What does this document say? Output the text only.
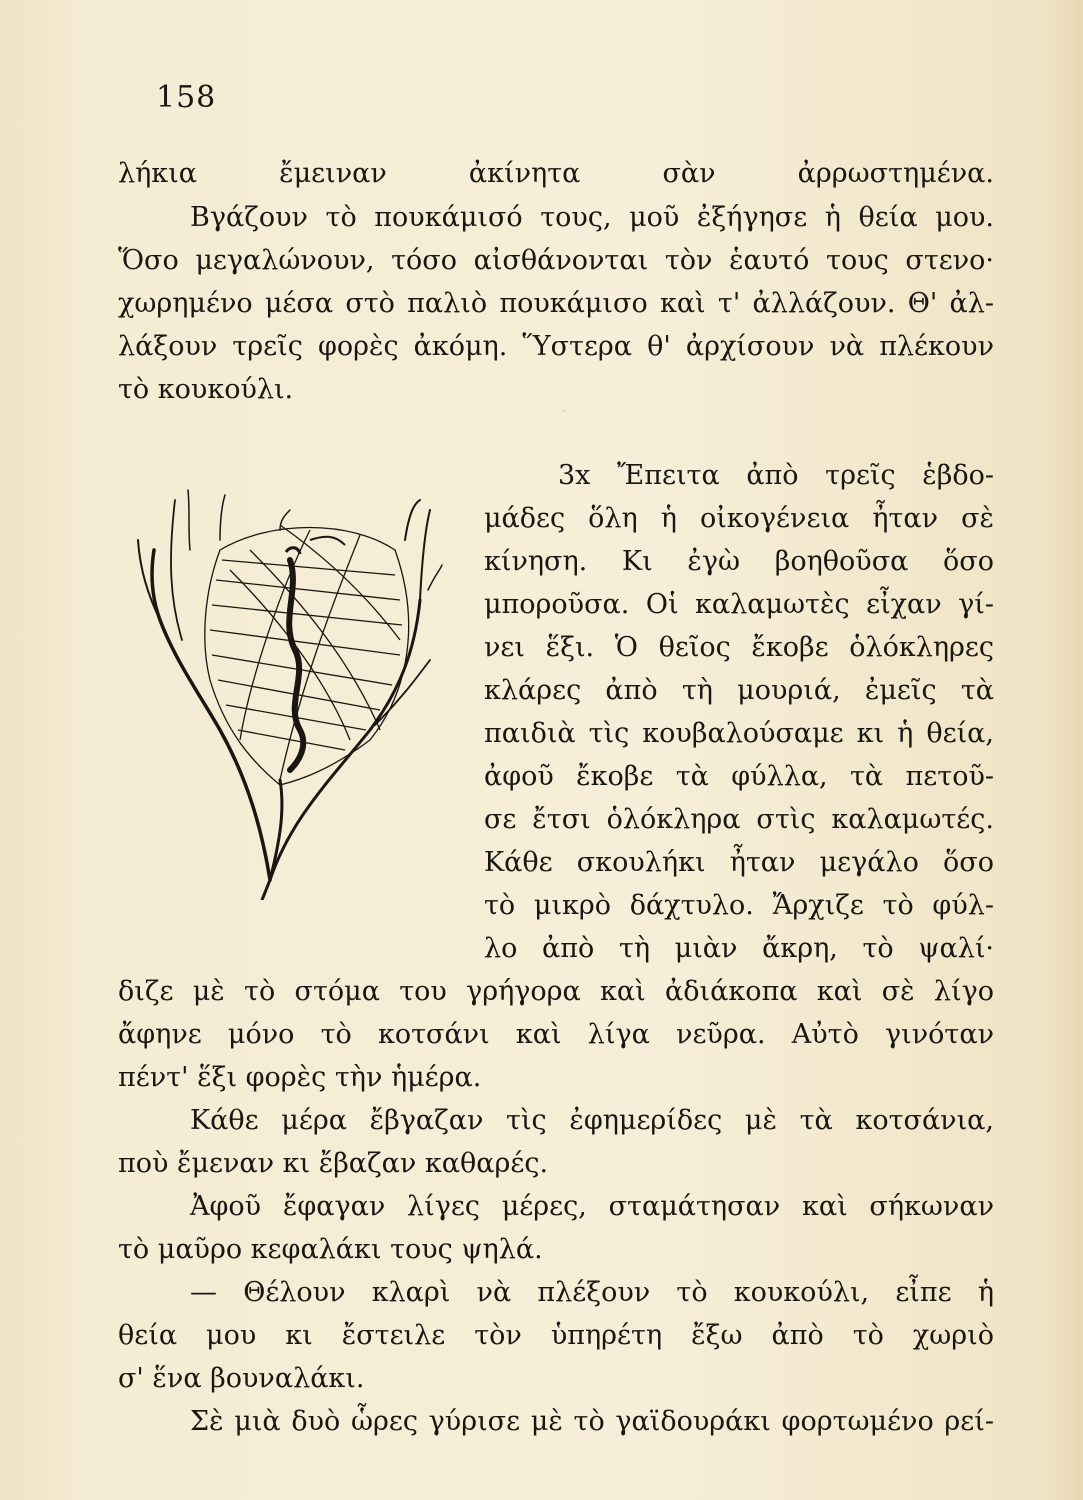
158
λήκια ἔμειναν ἀκίνητα σὰν ἀρρωστημένα.
Βγάζουν τὸ πουκάμισό τους, μοῦ ἐξήγησε ἡ θεία μου.
Ὅσο μεγαλώνουν, τόσο αἰσθάνονται τὸν ἑαυτό τους στενο·
χωρημένο μέσα στὸ παλιὸ πουκάμισο καὶ τ' ἀλλάζουν. Θ' ἀλ-
λάξουν τρεῖς φορὲς ἀκόμη. Ὕστερα θ' ἀρχίσουν νὰ πλέκουν
τὸ κουκούλι.
3x Ἔπειτα ἀπὸ τρεῖς ἑβδο-
μάδες ὅλη ἡ οἰκογένεια ἦταν σὲ
κίνηση. Κι ἐγὼ βοηθοῦσα ὅσο
μποροῦσα. Οἱ καλαμωτὲς εἶχαν γί-
νει ἕξι. Ὁ θεῖος ἔκοβε ὁλόκληρες
κλάρες ἀπὸ τὴ μουριά, ἐμεῖς τὰ
παιδιὰ τὶς κουβαλούσαμε κι ἡ θεία,
ἀφοῦ ἔκοβε τὰ φύλλα, τὰ πετοῦ-
σε ἔτσι ὁλόκληρα στὶς καλαμωτές.
Κάθε σκουλήκι ἦταν μεγάλο ὅσο
τὸ μικρὸ δάχτυλο. Ἄρχιζε τὸ φύλ-
λο ἀπὸ τὴ μιὰν ἄκρη, τὸ ψαλί·
διζε μὲ τὸ στόμα του γρήγορα καὶ ἀδιάκοπα καὶ σὲ λίγο
ἄφηνε μόνο τὸ κοτσάνι καὶ λίγα νεῦρα. Αὐτὸ γινόταν
πέντ' ἕξι φορὲς τὴν ἡμέρα.
Κάθε μέρα ἔβγαζαν τὶς ἐφημερίδες μὲ τὰ κοτσάνια,
ποὺ ἔμεναν κι ἔβαζαν καθαρές.
Ἀφοῦ ἔφαγαν λίγες μέρες, σταμάτησαν καὶ σήκωναν
τὸ μαῦρο κεφαλάκι τους ψηλά.
— Θέλουν κλαρὶ νὰ πλέξουν τὸ κουκούλι, εἶπε ἡ
θεία μου κι ἔστειλε τὸν ὑπηρέτη ἔξω ἀπὸ τὸ χωριὸ
σ' ἕνα βουναλάκι.
Σὲ μιὰ δυὸ ὧρες γύρισε μὲ τὸ γαϊδουράκι φορτωμένο ρεί-
·
